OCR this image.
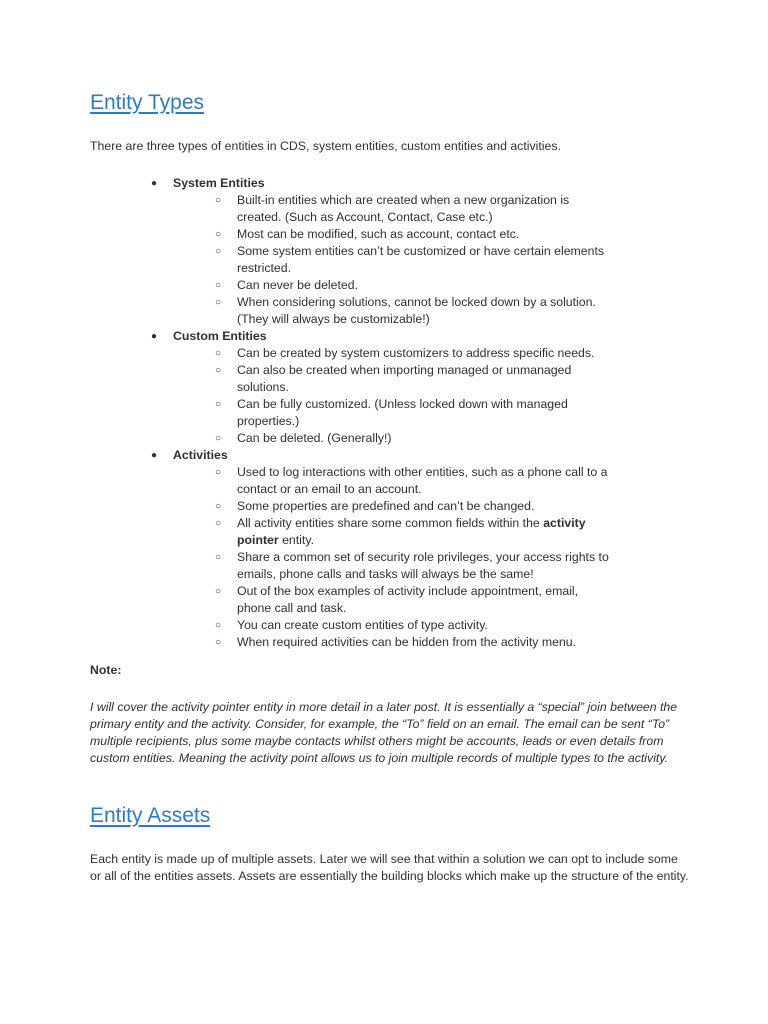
Entity Types

There are three types of entities in CDS, system entities, custom entities and activities.

● System Entities
○ Built-in entities which are created when a new organization is created. (Such as Account, Contact, Case etc.)
○ Most can be modified, such as account, contact etc.
○ Some system entities can’t be customized or have certain elements restricted.
○ Can never be deleted.
○ When considering solutions, cannot be locked down by a solution. (They will always be customizable!)
● Custom Entities
○ Can be created by system customizers to address specific needs.
○ Can also be created when importing managed or unmanaged solutions.
○ Can be fully customized. (Unless locked down with managed properties.)
○ Can be deleted. (Generally!)
● Activities
○ Used to log interactions with other entities, such as a phone call to a contact or an email to an account.
○ Some properties are predefined and can’t be changed.
○ All activity entities share some common fields within the activity pointer entity.
○ Share a common set of security role privileges, your access rights to emails, phone calls and tasks will always be the same!
○ Out of the box examples of activity include appointment, email, phone call and task.
○ You can create custom entities of type activity.
○ When required activities can be hidden from the activity menu.

Note:

I will cover the activity pointer entity in more detail in a later post. It is essentially a “special” join between the primary entity and the activity. Consider, for example, the “To” field on an email. The email can be sent “To” multiple recipients, plus some maybe contacts whilst others might be accounts, leads or even details from custom entities. Meaning the activity point allows us to join multiple records of multiple types to the activity.

Entity Assets

Each entity is made up of multiple assets. Later we will see that within a solution we can opt to include some or all of the entities assets. Assets are essentially the building blocks which make up the structure of the entity.
